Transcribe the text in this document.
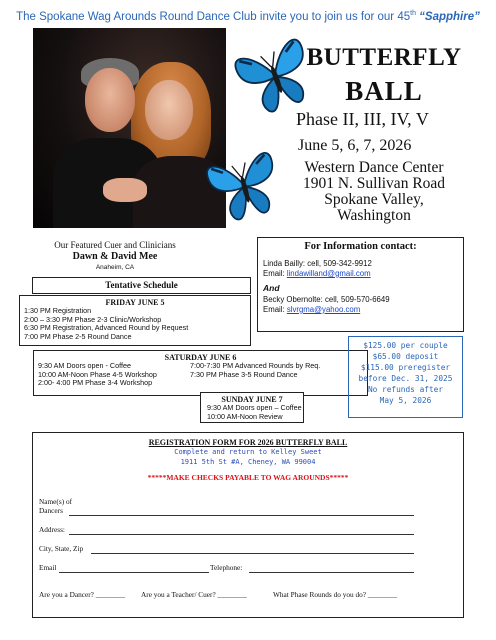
The Spokane Wag Arounds Round Dance Club invite you to join us for our 45th “Sapphire”
BUTTERFLY
BALL
Phase II, III, IV, V
June 5, 6, 7, 2026
Western Dance Center
1901 N. Sullivan Road
Spokane Valley,
Washington
Our Featured Cuer and Clinicians
Dawn & David Mee
Anaheim, CA
Tentative Schedule
FRIDAY JUNE 5
1:30 PM Registration
2:00 – 3:30 PM Phase 2-3 Clinic/Workshop
6:30 PM Registration, Advanced Round by Request
7:00 PM Phase 2-5 Round Dance
SATURDAY JUNE 6
9:30 AM Doors open - Coffee
10:00 AM-Noon Phase 4-5 Workshop
2:00- 4:00 PM Phase 3-4 Workshop
7:00-7:30 PM Advanced Rounds by Req.
7:30 PM Phase 3-5 Round Dance
SUNDAY JUNE 7
9:30 AM Doors open – Coffee
10:00 AM-Noon Review
For Information contact:
Linda Bailly: cell, 509-342-9912
Email: lindawilland@gmail.com
And
Becky Obernolte: cell, 509-570-6649
Email: slvrgma@yahoo.com
$125.00 per couple
$65.00 deposit
$115.00 preregister
before Dec. 31, 2025
No refunds after
May 5, 2026
REGISTRATION FORM FOR 2026 BUTTERFLY BALL
Complete and return to Kelley Sweet
1911 5th St #A, Cheney, WA 99004
*****MAKE CHECKS PAYABLE TO WAG AROUNDS*****
Name(s) of
Dancers
Address:
City, State, Zip
Email	Telephone:
Are you a Dancer? ________ Are you a Teacher/ Cuer? ________	What Phase Rounds do you do? ________
